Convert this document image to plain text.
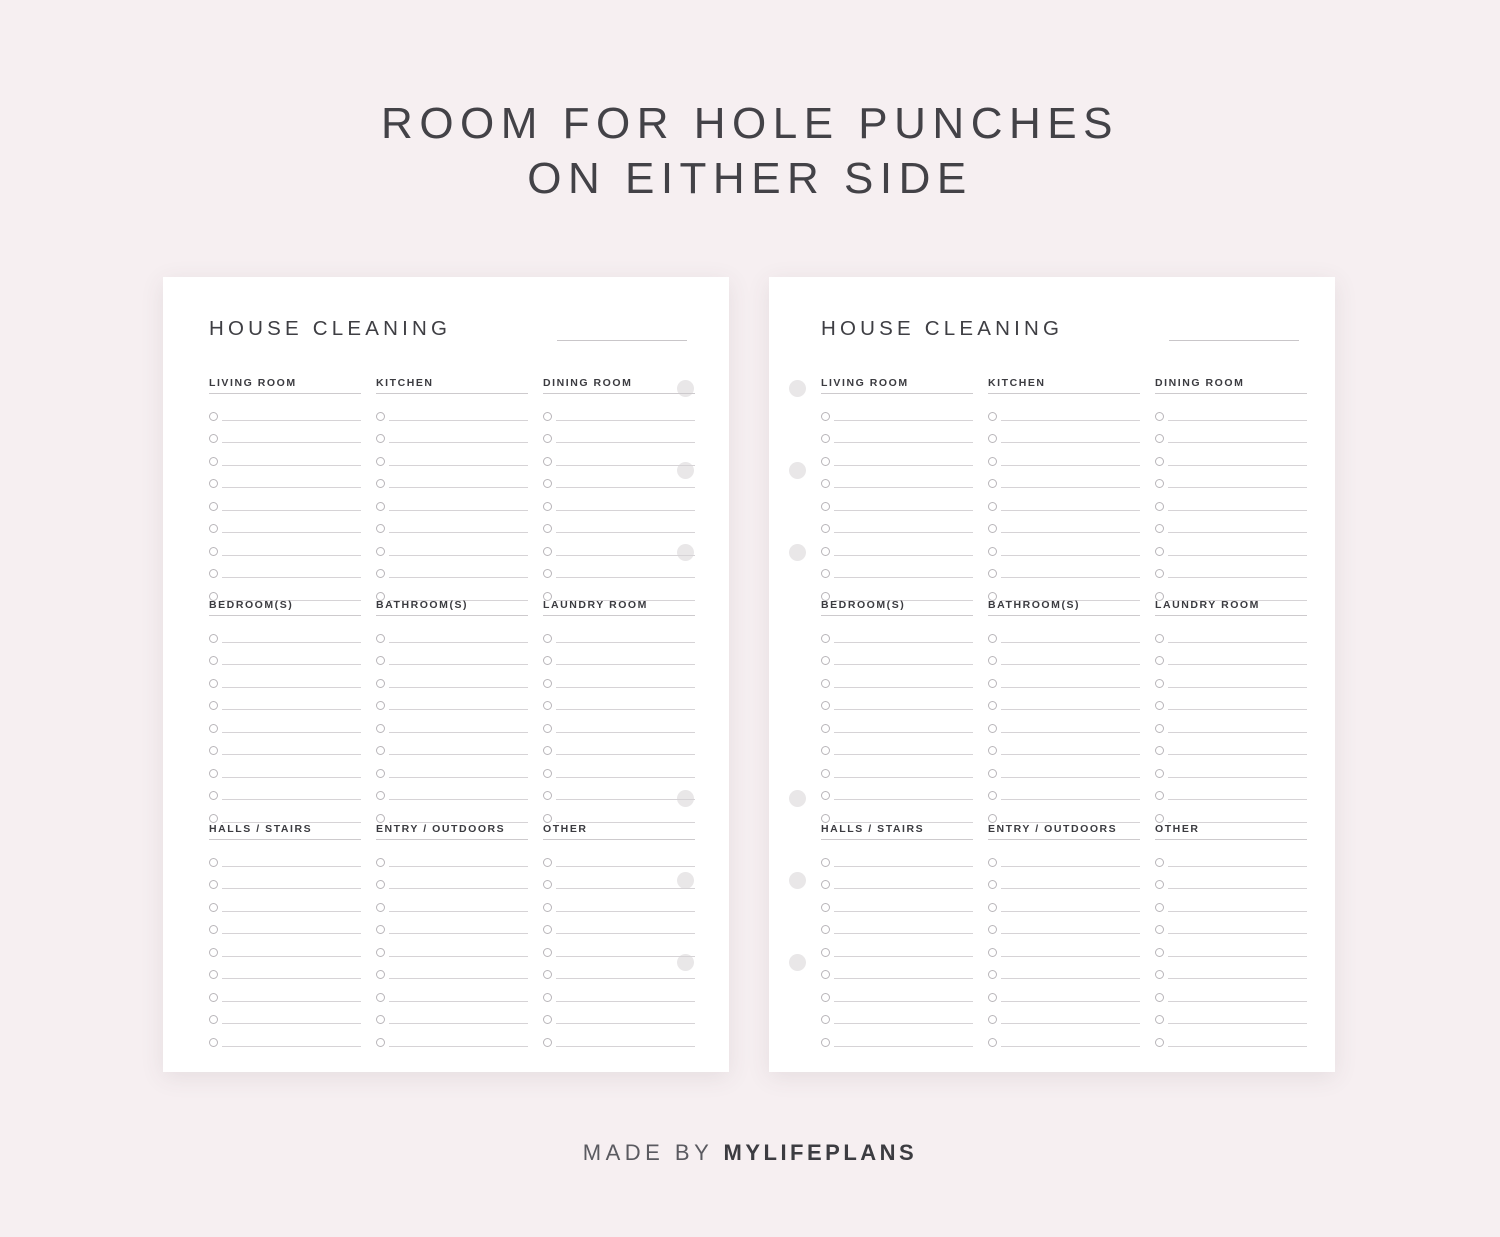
ROOM FOR HOLE PUNCHES
ON EITHER SIDE
HOUSE CLEANING
LIVING ROOM	KITCHEN	DINING ROOM
BEDROOM(S)	BATHROOM(S)	LAUNDRY ROOM
HALLS / STAIRS	ENTRY / OUTDOORS	OTHER
HOUSE CLEANING
LIVING ROOM	KITCHEN	DINING ROOM
BEDROOM(S)	BATHROOM(S)	LAUNDRY ROOM
HALLS / STAIRS	ENTRY / OUTDOORS	OTHER
MADE BY MYLIFEPLANS
